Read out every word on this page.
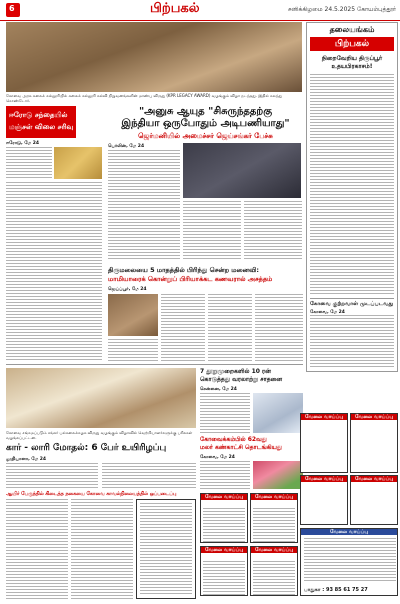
6	பிற்பகல்	சனிக்கிழமை 24.5.2025 கோயம்புத்தூர்
கோவை அரசு கலைக் கல்லூரியில் கலைக் கல்லூரி கல்வி நிறுவனங்களின் மாண்பு விருது (KPR LEGACY AWARD) வழங்கும் விழா நடந்தது. இதில் கலந்து கொண்டோர்.
ஈரோடு சந்தையில்
மஞ்சள் விலை சரிவு
ஈரோடு, மே 24
"அனுசு ஆயுத "சிசுருந்ததற்கு
இந்தியா ஒருபோதும் அடிபணியாது"
ஜெர்மனியில் அமைச்சர் ஜெய்சங்கர் பேச்சு
பெர்லின், மே 24
தலையங்கம்
பிற்பகல்
நிறைவேறிய திருப்பூர் உதயபிரகாசம்!
கோவை குற்றவாள் முடப்படவது
கோவை, மே 24
திருமலையை 5 மாதத்தில் பிரிந்து சென்ற மனைவி:
மாமியாரைக் கொன்றுப் பிரியாக்கட கணவரால் அசத்தம்
ஜெய்ப்பூர், மே 24
கோவை சங்கமப்படும் சங்கர் பல்கலைக்கழக விருது வழங்கும் விழாவில் வெற்றியாளர்களுக்கு பரிசுகள் வழங்கப்பட்டன.
7 தூறுமுறைகளில் 10 ரன்
கொடுத்தது வரலாற்று சாதனை
சென்னை, மே 24
கோவைக்கம்பில் 62வது
மலர் கண்காட்சி தொடங்கியது
கோவை, மே 24
கார் - லாரி மோதல்: 6 பேர் உயிரிழப்பு
லூதியானா, மே 24
ஆயிர் பேருந்தில் கிடைத்த நகையை கோவை காவல்நிலையத்தில் ஒப்படைப்பு	வேலை வாய்ப்பு	வேலை வாய்ப்பு
வேலை வாய்ப்பு	வேலை வாய்ப்பு
வேலை வாய்ப்பு	வேலை வாய்ப்பு
வேலை வாய்ப்பு	வேலை வாய்ப்பு
வேலை வாய்ப்பு
பாதுகா : 93 85 61 75 27
